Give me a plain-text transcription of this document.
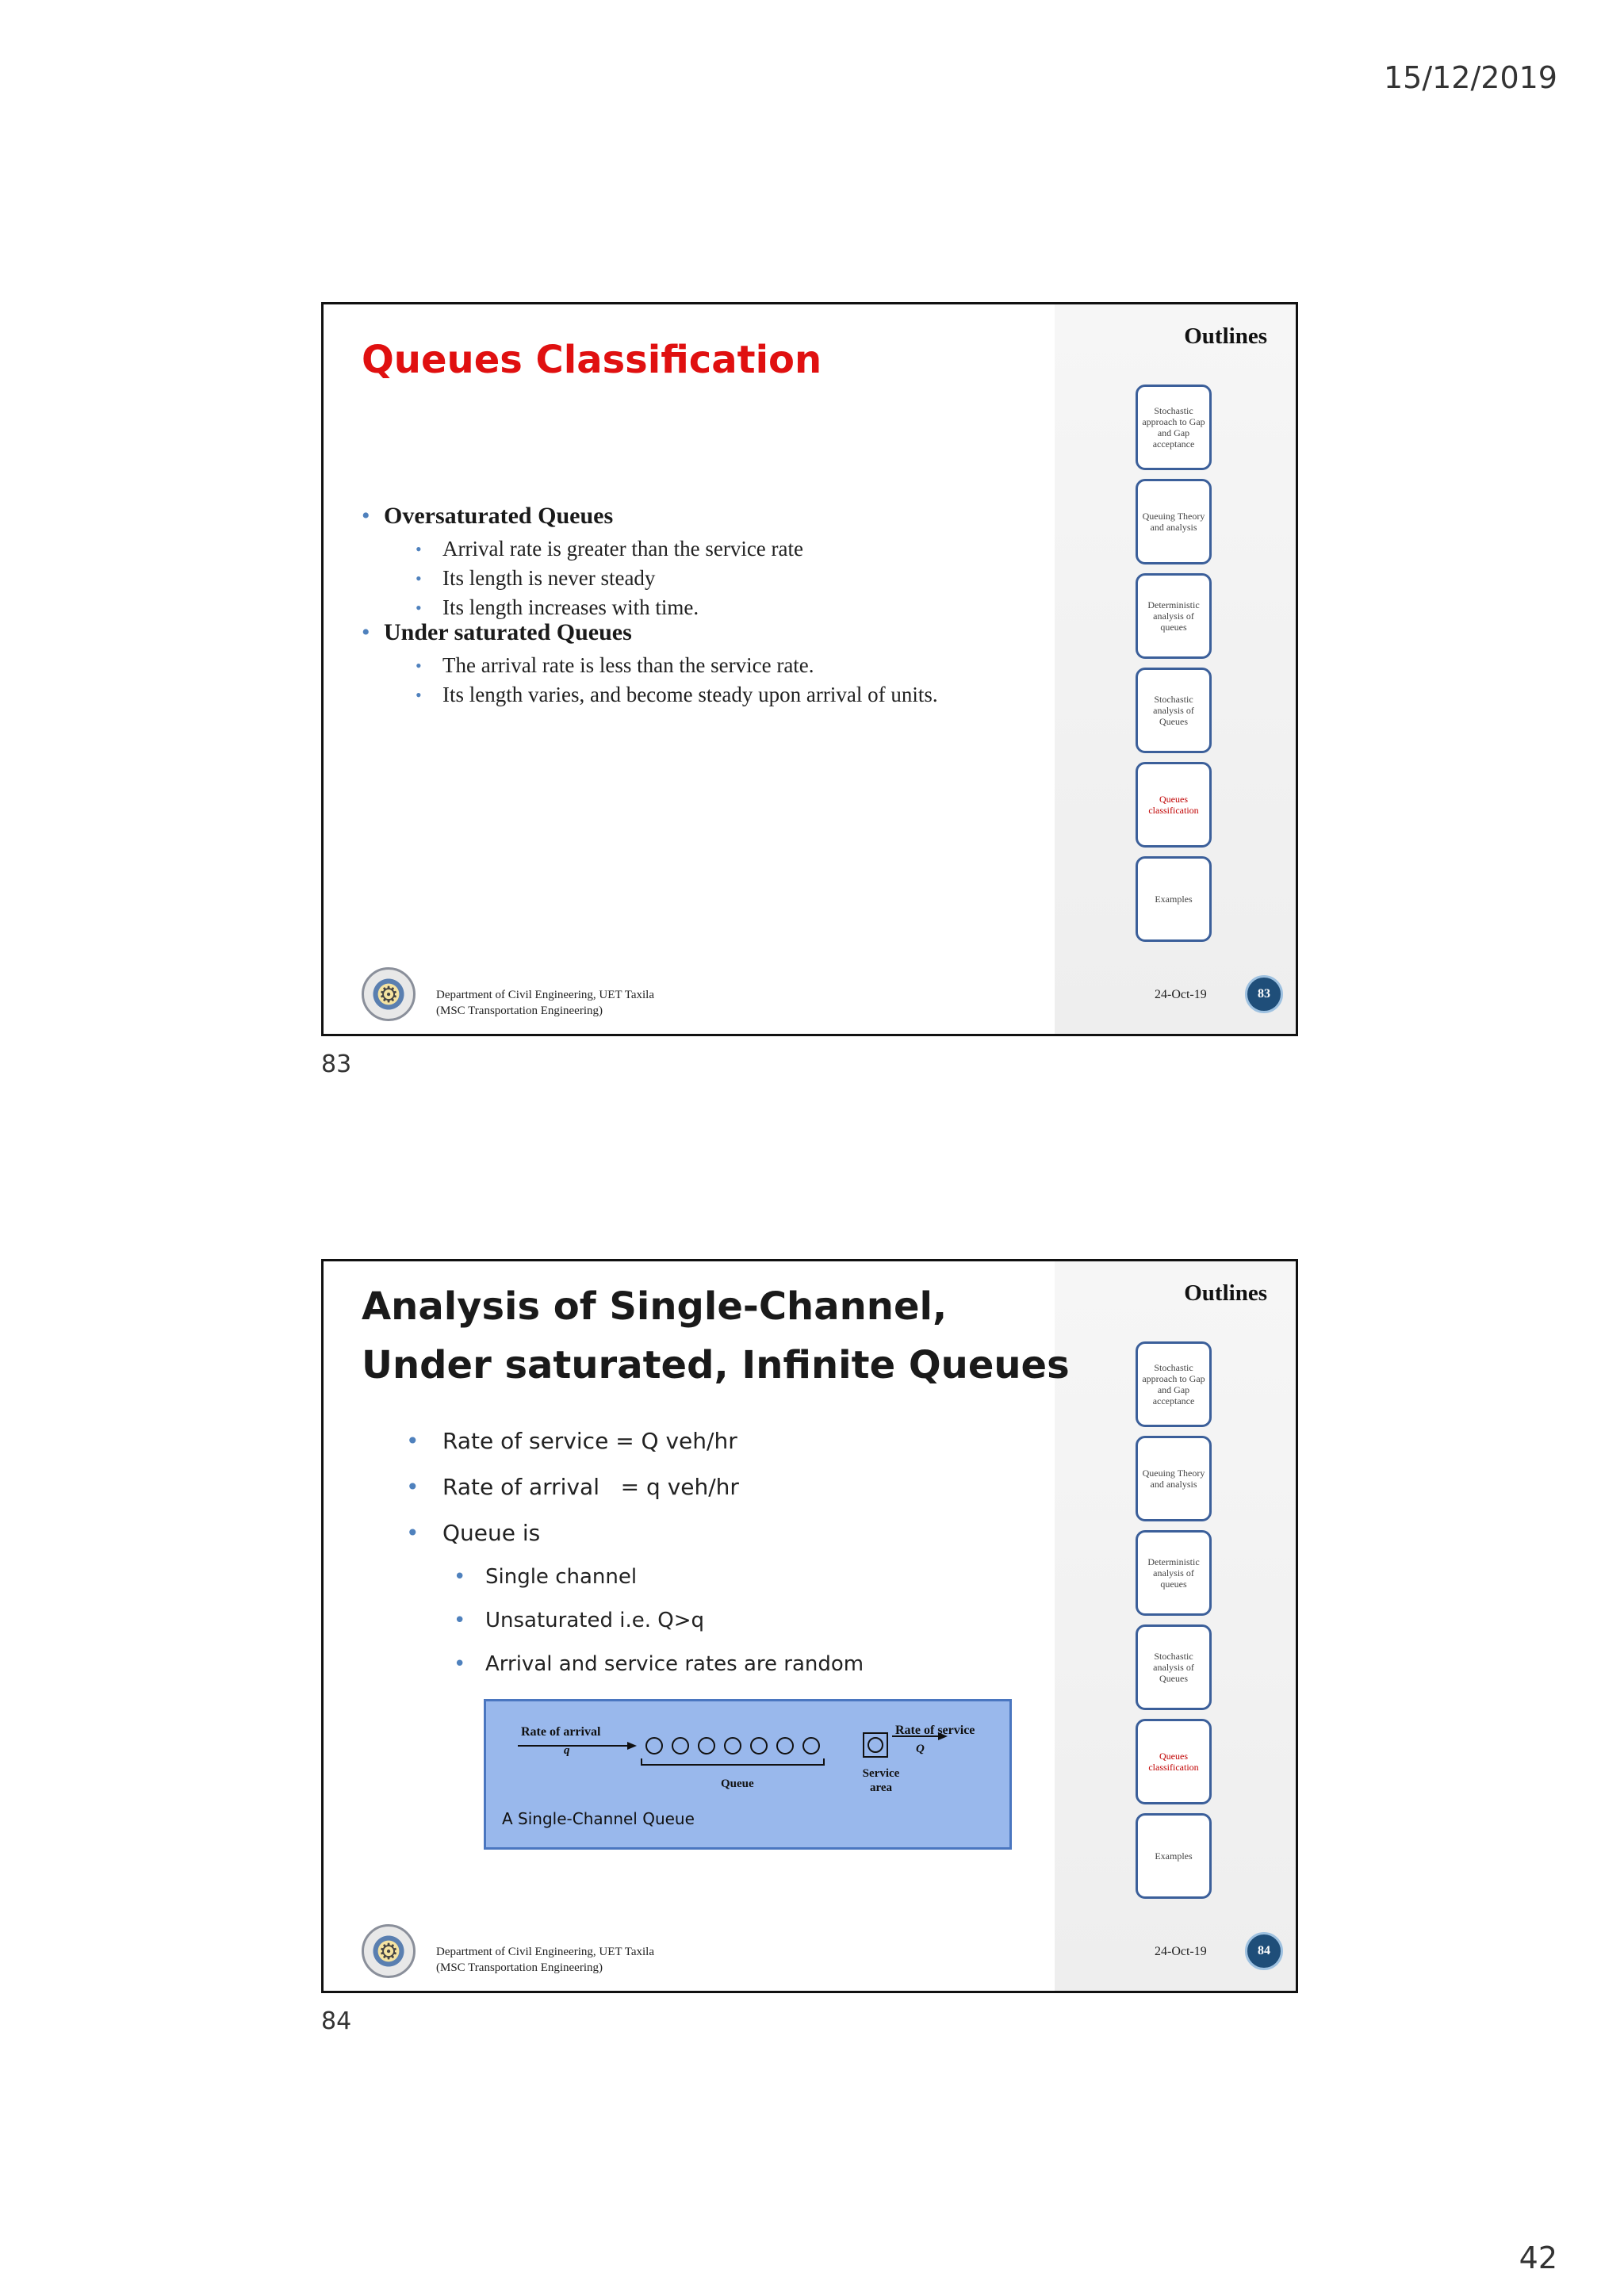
15/12/2019
Outlines
Stochastic approach to Gap and Gap acceptance
Queuing Theory and analysis
Deterministic analysis of queues
Stochastic analysis of Queues
Queues classification
Examples
Queues Classification
• Oversaturated Queues
• Arrival rate is greater than the service rate
• Its length is never steady
• Its length increases with time.
• Under saturated Queues
• The arrival rate is less than the service rate.
• Its length varies, and become steady upon arrival of units.
⚙	Department of Civil Engineering, UET Taxila
(MSC Transportation Engineering)
24-Oct-19	83
83
Outlines
Stochastic approach to Gap and Gap acceptance
Queuing Theory and analysis
Deterministic analysis of queues
Stochastic analysis of Queues
Queues classification
Examples
Analysis of Single-Channel, Under saturated, Infinite Queues
• Rate of service = Q veh/hr
• Rate of arrival   = q veh/hr
• Queue is
• Single channel
• Unsaturated i.e. Q>q
• Arrival and service rates are random
Rate of arrival
q
Rate of service
Q
Queue
Service area
A Single-Channel Queue
⚙	Department of Civil Engineering, UET Taxila
(MSC Transportation Engineering)
24-Oct-19	84
84
42
